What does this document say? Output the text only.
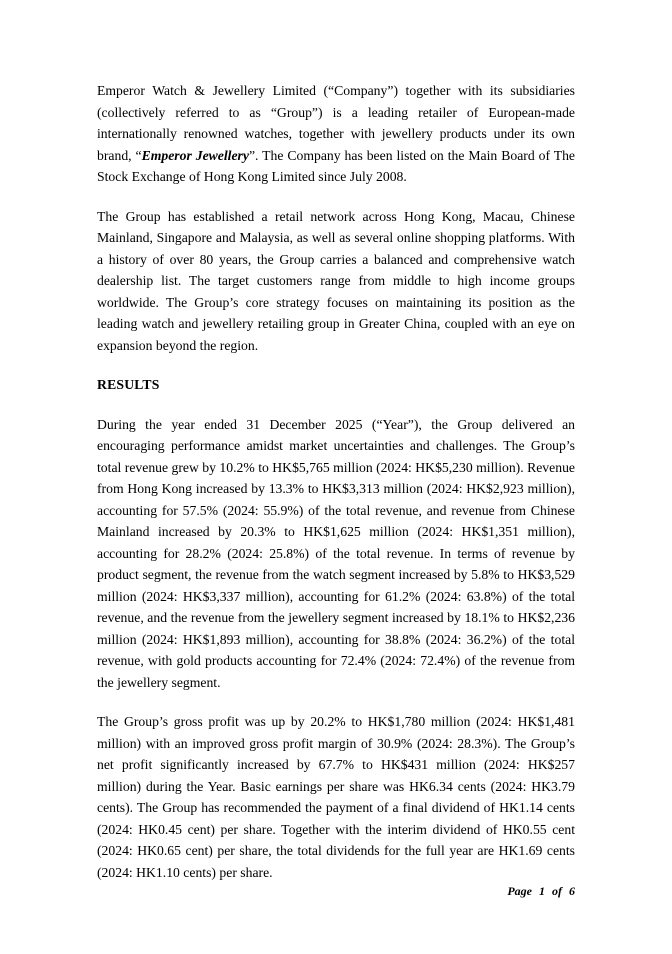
Emperor Watch & Jewellery Limited (“Company”) together with its subsidiaries (collectively referred to as “Group”) is a leading retailer of European-made internationally renowned watches, together with jewellery products under its own brand, “Emperor Jewellery”. The Company has been listed on the Main Board of The Stock Exchange of Hong Kong Limited since July 2008.

The Group has established a retail network across Hong Kong, Macau, Chinese Mainland, Singapore and Malaysia, as well as several online shopping platforms. With a history of over 80 years, the Group carries a balanced and comprehensive watch dealership list. The target customers range from middle to high income groups worldwide. The Group’s core strategy focuses on maintaining its position as the leading watch and jewellery retailing group in Greater China, coupled with an eye on expansion beyond the region.

RESULTS

During the year ended 31 December 2025 (“Year”), the Group delivered an encouraging performance amidst market uncertainties and challenges. The Group’s total revenue grew by 10.2% to HK$5,765 million (2024: HK$5,230 million). Revenue from Hong Kong increased by 13.3% to HK$3,313 million (2024: HK$2,923 million), accounting for 57.5% (2024: 55.9%) of the total revenue, and revenue from Chinese Mainland increased by 20.3% to HK$1,625 million (2024: HK$1,351 million), accounting for 28.2% (2024: 25.8%) of the total revenue. In terms of revenue by product segment, the revenue from the watch segment increased by 5.8% to HK$3,529 million (2024: HK$3,337 million), accounting for 61.2% (2024: 63.8%) of the total revenue, and the revenue from the jewellery segment increased by 18.1% to HK$2,236 million (2024: HK$1,893 million), accounting for 38.8% (2024: 36.2%) of the total revenue, with gold products accounting for 72.4% (2024: 72.4%) of the revenue from the jewellery segment.

The Group’s gross profit was up by 20.2% to HK$1,780 million (2024: HK$1,481 million) with an improved gross profit margin of 30.9% (2024: 28.3%). The Group’s net profit significantly increased by 67.7% to HK$431 million (2024: HK$257 million) during the Year. Basic earnings per share was HK6.34 cents (2024: HK3.79 cents). The Group has recommended the payment of a final dividend of HK1.14 cents (2024: HK0.45 cent) per share. Together with the interim dividend of HK0.55 cent (2024: HK0.65 cent) per share, the total dividends for the full year are HK1.69 cents (2024: HK1.10 cents) per share.

Page 1 of 6
